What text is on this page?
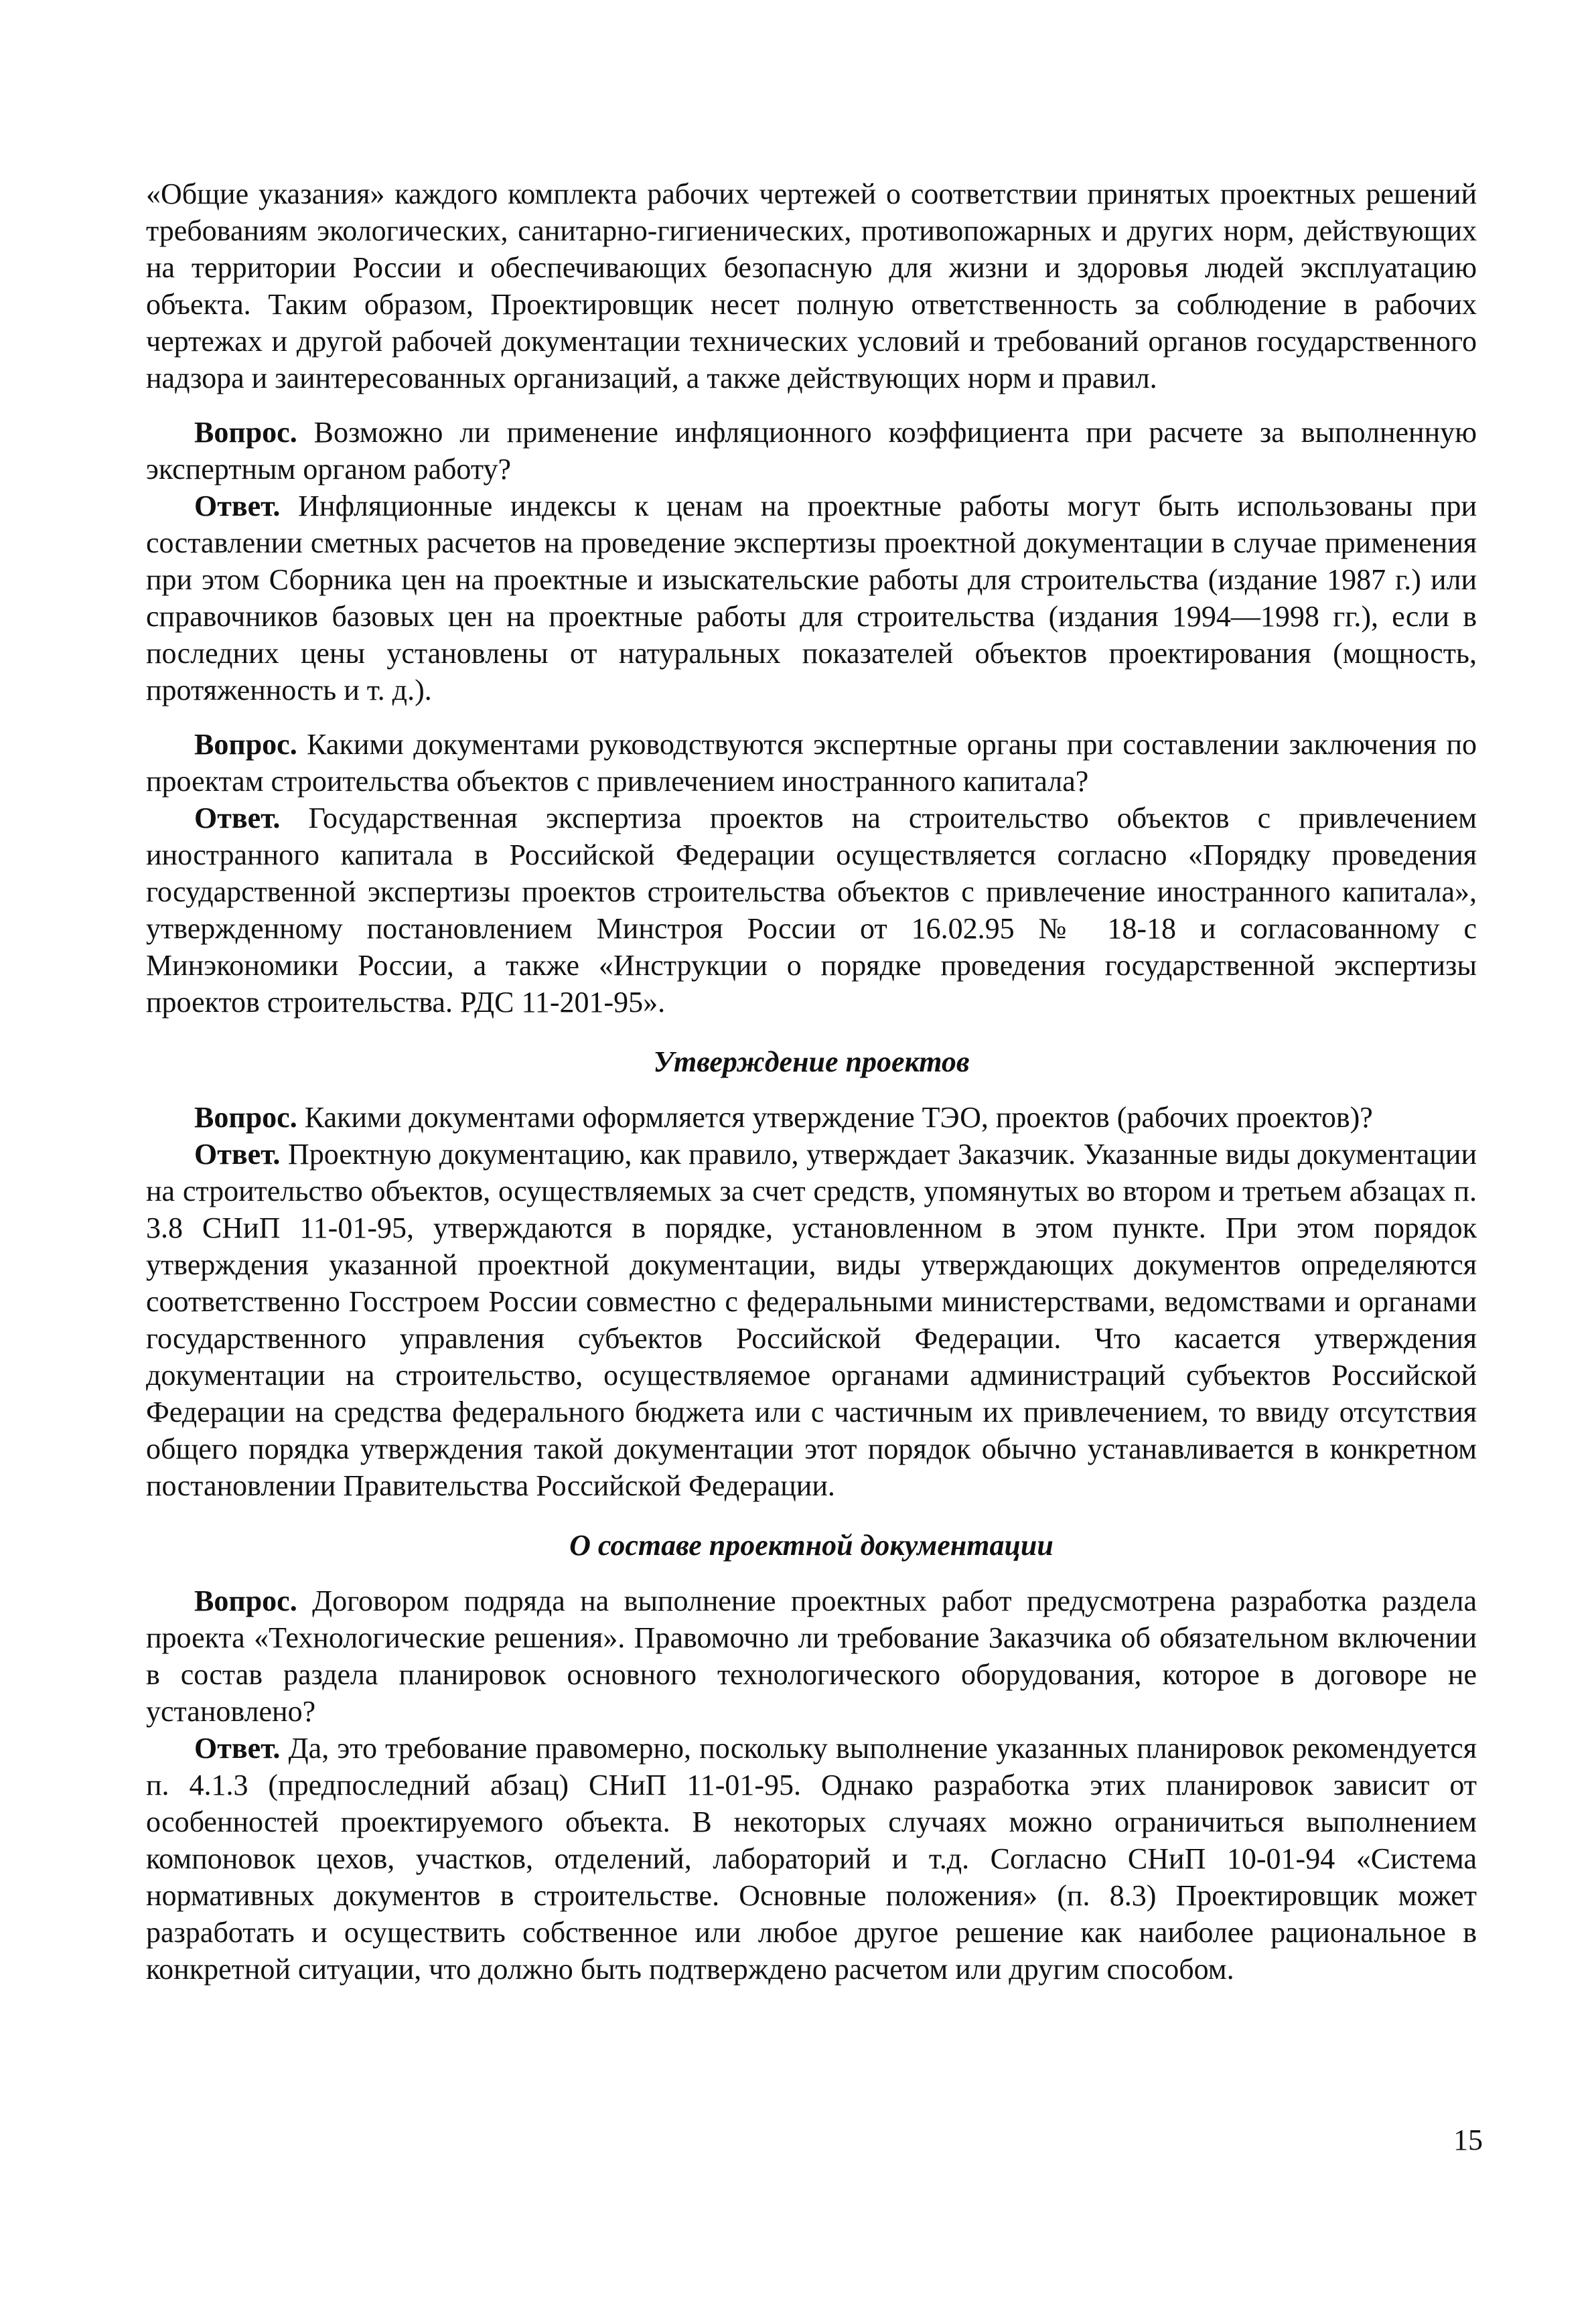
«Общие указания» каждого комплекта рабочих чертежей о соответствии принятых проектных решений требованиям экологических, санитарно-гигиенических, противопожарных и других норм, действующих на территории России и обеспечивающих безопасную для жизни и здоровья людей эксплуатацию объекта. Таким образом, Проектировщик несет полную ответственность за соблюдение в рабочих чертежах и другой рабочей документации технических условий и требований органов государственного надзора и заинтересованных организаций, а также действующих норм и правил.

Вопрос. Возможно ли применение инфляционного коэффициента при расчете за выполненную экспертным органом работу?

Ответ. Инфляционные индексы к ценам на проектные работы могут быть использованы при составлении сметных расчетов на проведение экспертизы проектной документации в случае применения при этом Сборника цен на проектные и изыскательские работы для строительства (издание 1987 г.) или справочников базовых цен на проектные работы для строительства (издания 1994—1998 гг.), если в последних цены установлены от натуральных показателей объектов проектирования (мощность, протяженность и т. д.).

Вопрос. Какими документами руководствуются экспертные органы при составлении заключения по проектам строительства объектов с привлечением иностранного капитала?

Ответ. Государственная экспертиза проектов на строительство объектов с привлечением иностранного капитала в Российской Федерации осуществляется согласно «Порядку проведения государственной экспертизы проектов строительства объектов с привлечение иностранного капитала», утвержденному постановлением Минстроя России от 16.02.95 № 18-18 и согласованному с Минэкономики России, а также «Инструкции о порядке проведения государственной экспертизы проектов строительства. РДС 11-201-95».

Утверждение проектов

Вопрос. Какими документами оформляется утверждение ТЭО, проектов (рабочих проектов)?

Ответ. Проектную документацию, как правило, утверждает Заказчик. Указанные виды документации на строительство объектов, осуществляемых за счет средств, упомянутых во втором и третьем абзацах п. 3.8 СНиП 11-01-95, утверждаются в порядке, установленном в этом пункте. При этом порядок утверждения указанной проектной документации, виды утверждающих документов определяются соответственно Госстроем России совместно с федеральными министерствами, ведомствами и органами государственного управления субъектов Российской Федерации. Что касается утверждения документации на строительство, осуществляемое органами администраций субъектов Российской Федерации на средства федерального бюджета или с частичным их привлечением, то ввиду отсутствия общего порядка утверждения такой документации этот порядок обычно устанавливается в конкретном постановлении Правительства Российской Федерации.

О составе проектной документации

Вопрос. Договором подряда на выполнение проектных работ предусмотрена разработка раздела проекта «Технологические решения». Правомочно ли требование Заказчика об обязательном включении в состав раздела планировок основного технологического оборудования, которое в договоре не установлено?

Ответ. Да, это требование правомерно, поскольку выполнение указанных планировок рекомендуется п. 4.1.3 (предпоследний абзац) СНиП 11-01-95. Однако разработка этих планировок зависит от особенностей проектируемого объекта. В некоторых случаях можно ограничиться выполнением компоновок цехов, участков, отделений, лабораторий и т.д. Согласно СНиП 10-01-94 «Система нормативных документов в строительстве. Основные положения» (п. 8.3) Проектировщик может разработать и осуществить собственное или любое другое решение как наиболее рациональное в конкретной ситуации, что должно быть подтверждено расчетом или другим способом.

15
